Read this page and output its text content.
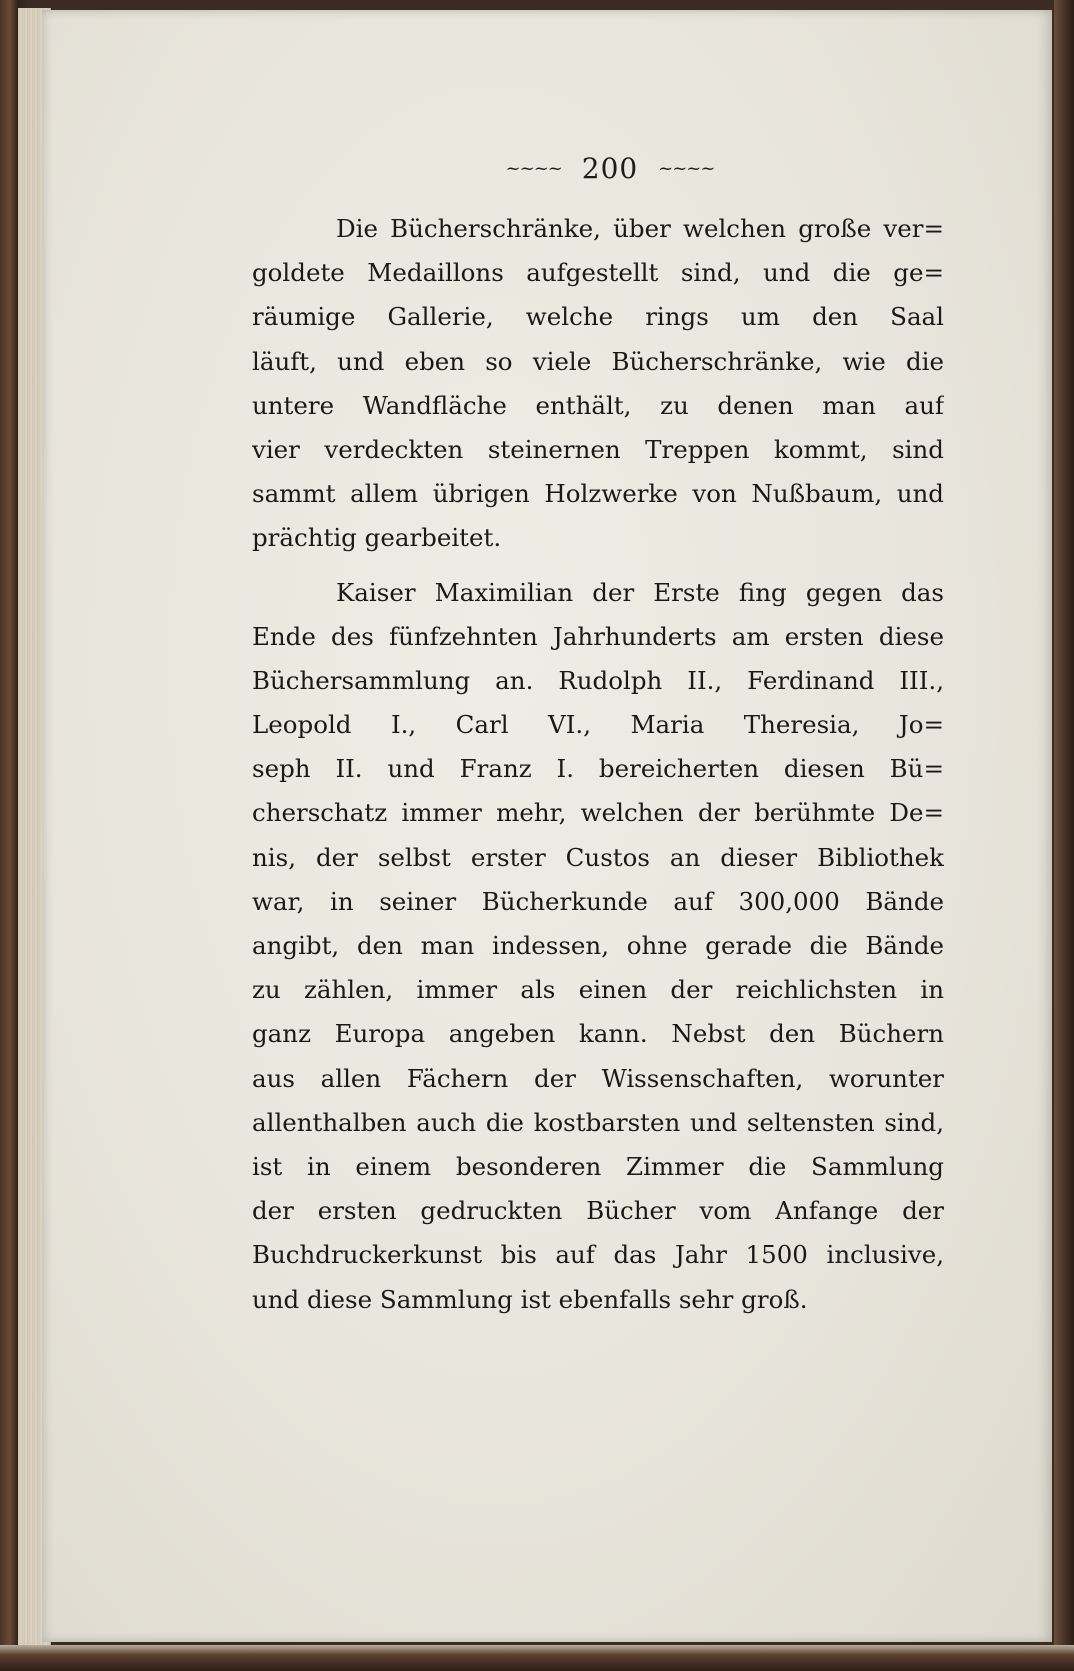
~~~~ 200 ~~~~
Die Bücherschränke, über welchen große ver=
goldete Medaillons aufgestellt sind, und die ge=
räumige Gallerie, welche rings um den Saal
läuft, und eben so viele Bücherschränke, wie die
untere Wandfläche enthält, zu denen man auf
vier verdeckten steinernen Treppen kommt, sind
sammt allem übrigen Holzwerke von Nußbaum, und
prächtig gearbeitet.
Kaiser Maximilian der Erste fing gegen das
Ende des fünfzehnten Jahrhunderts am ersten diese
Büchersammlung an. Rudolph II., Ferdinand III.,
Leopold I., Carl VI., Maria Theresia, Jo=
seph II. und Franz I. bereicherten diesen Bü=
cherschatz immer mehr, welchen der berühmte De=
nis, der selbst erster Custos an dieser Bibliothek
war, in seiner Bücherkunde auf 300,000 Bände
angibt, den man indessen, ohne gerade die Bände
zu zählen, immer als einen der reichlichsten in
ganz Europa angeben kann. Nebst den Büchern
aus allen Fächern der Wissenschaften, worunter
allenthalben auch die kostbarsten und seltensten sind,
ist in einem besonderen Zimmer die Sammlung
der ersten gedruckten Bücher vom Anfange der
Buchdruckerkunst bis auf das Jahr 1500 inclusive,
und diese Sammlung ist ebenfalls sehr groß.
